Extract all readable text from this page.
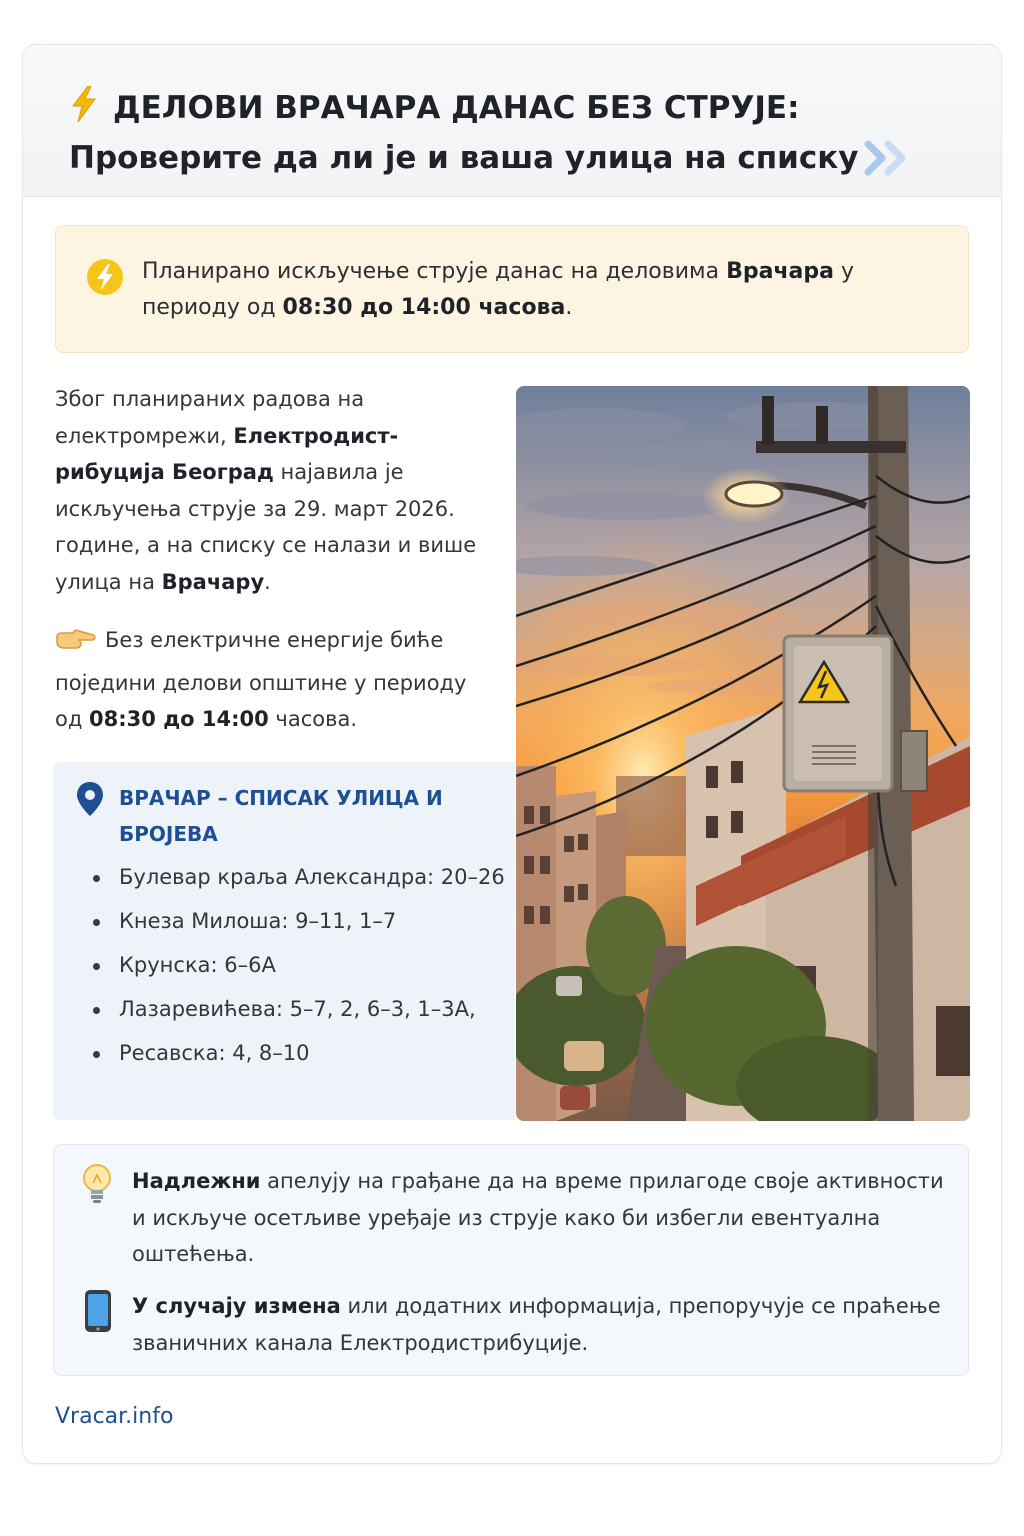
ДЕЛОВИ ВРАЧАРА ДАНАС БЕЗ СТРУЈЕ: Проверите да ли је и ваша улица на списку
Планирано искључење струје данас на деловима Врачара у периоду од 08:30 до 14:00 часова.
Због планираних радова на електромрежи, Електродист-рибуција Београд најавила је искључења струје за 29. март 2026. године, а на списку се налази и више улица на Врачару.
Без електричне енергије биће поједини делови општине у периоду од 08:30 до 14:00 часова.
ВРАЧАР – СПИСАК УЛИЦА И БРОЈЕВА
Булевар краља Александра: 20–26
Кнеза Милоша: 9–11, 1–7
Крунска: 6–6А
Лазаревићева: 5–7, 2, 6–3, 1–3А,
Ресавска: 4, 8–10
Надлежни апелују на грађане да на време прилагоде своје активности и искључе осетљиве уређаје из струје како би избегли евентуална оштећења.
У случају измена или додатних информација, препоручује се праћење званичних канала Електродистрибуције.
Vracar.info
